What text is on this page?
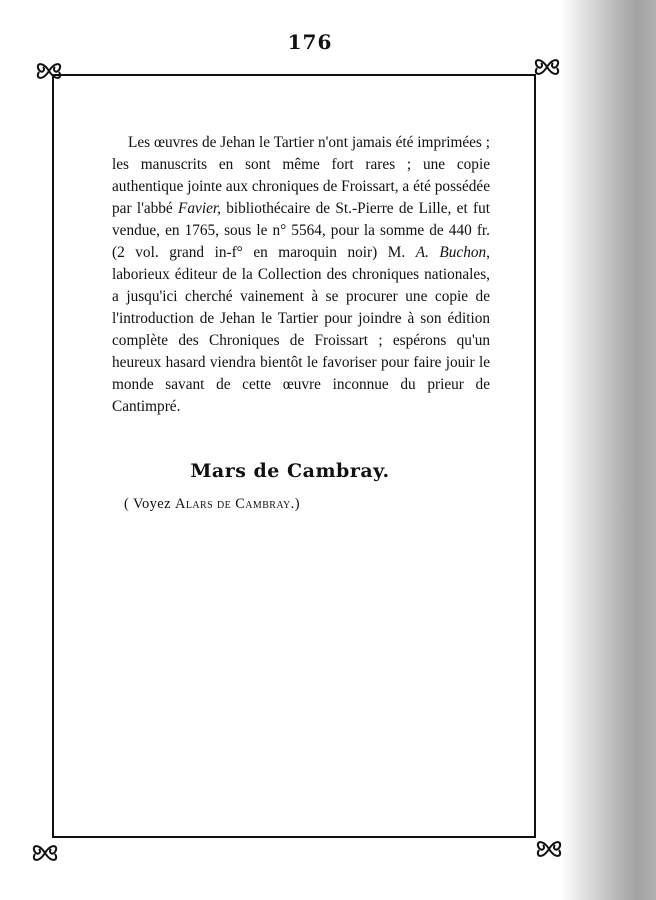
176

Les œuvres de Jehan le Tartier n'ont jamais été imprimées ; les manuscrits en sont même fort rares ; une copie authentique jointe aux chroniques de Froissart, a été possédée par l'abbé Favier, bibliothécaire de St.-Pierre de Lille, et fut vendue, en 1765, sous le n° 5564, pour la somme de 440 fr. (2 vol. grand in-f° en maroquin noir) M. A. Buchon, laborieux éditeur de la Collection des chroniques nationales, a jusqu'ici cherché vainement à se procurer une copie de l'introduction de Jehan le Tartier pour joindre à son édition complète des Chroniques de Froissart ; espérons qu'un heureux hasard viendra bientôt le favoriser pour faire jouir le monde savant de cette œuvre inconnue du prieur de Cantimpré.

Mars de Cambray.

( Voyez Alars de Cambray.)
